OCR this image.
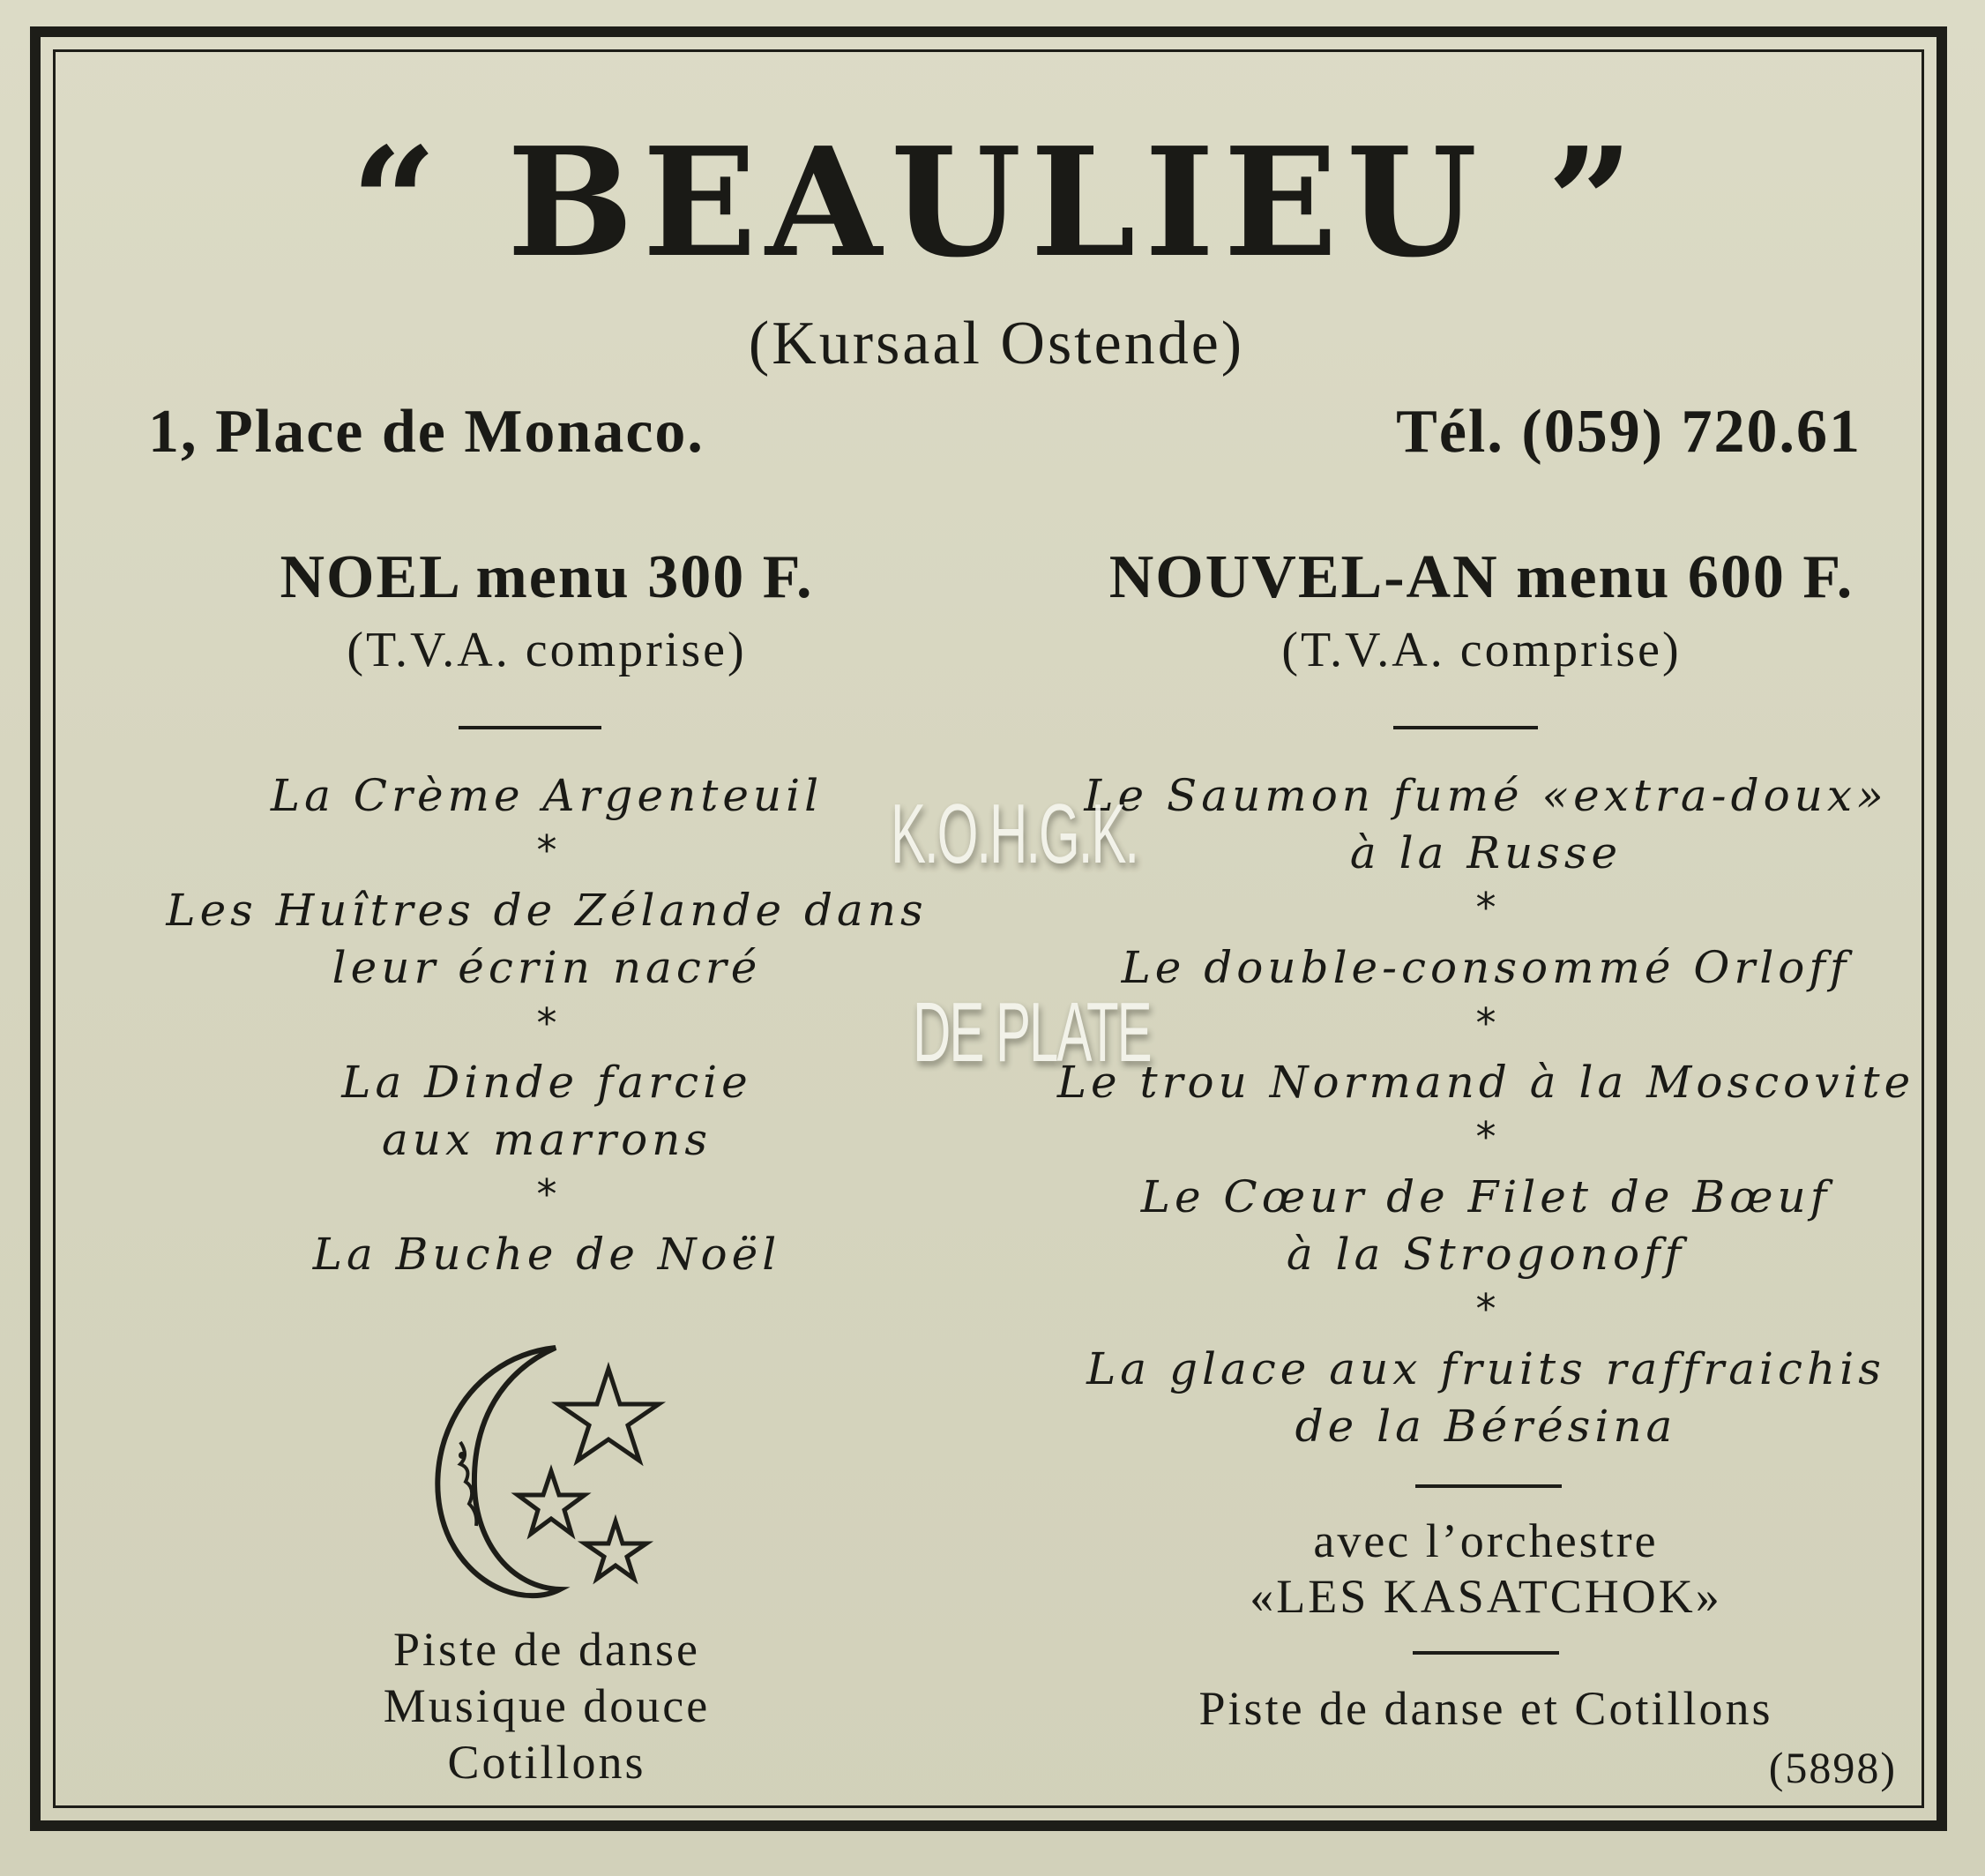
“ BEAULIEU ”
(Kursaal Ostende)
1, Place de Monaco.	Tél. (059) 720.61
NOEL menu 300 F.
(T.V.A. comprise)
La Crème Argenteuil
*
Les Huîtres de Zélande dans
leur écrin nacré
*
La Dinde farcie
aux marrons
*
La Buche de Noël
Piste de danse
Musique douce
Cotillons
NOUVEL-AN menu 600 F.
(T.V.A. comprise)
Le Saumon fumé «extra-doux»
à la Russe
*
Le double-consommé Orloff
*
Le trou Normand à la Moscovite
*
Le Cœur de Filet de Bœuf
à la Strogonoff
*
La glace aux fruits raffraichis
de la Bérésina
avec l’orchestre
«LES KASATCHOK»
Piste de danse et Cotillons
(5898)
K.O.H.G.K.
DE PLATE
